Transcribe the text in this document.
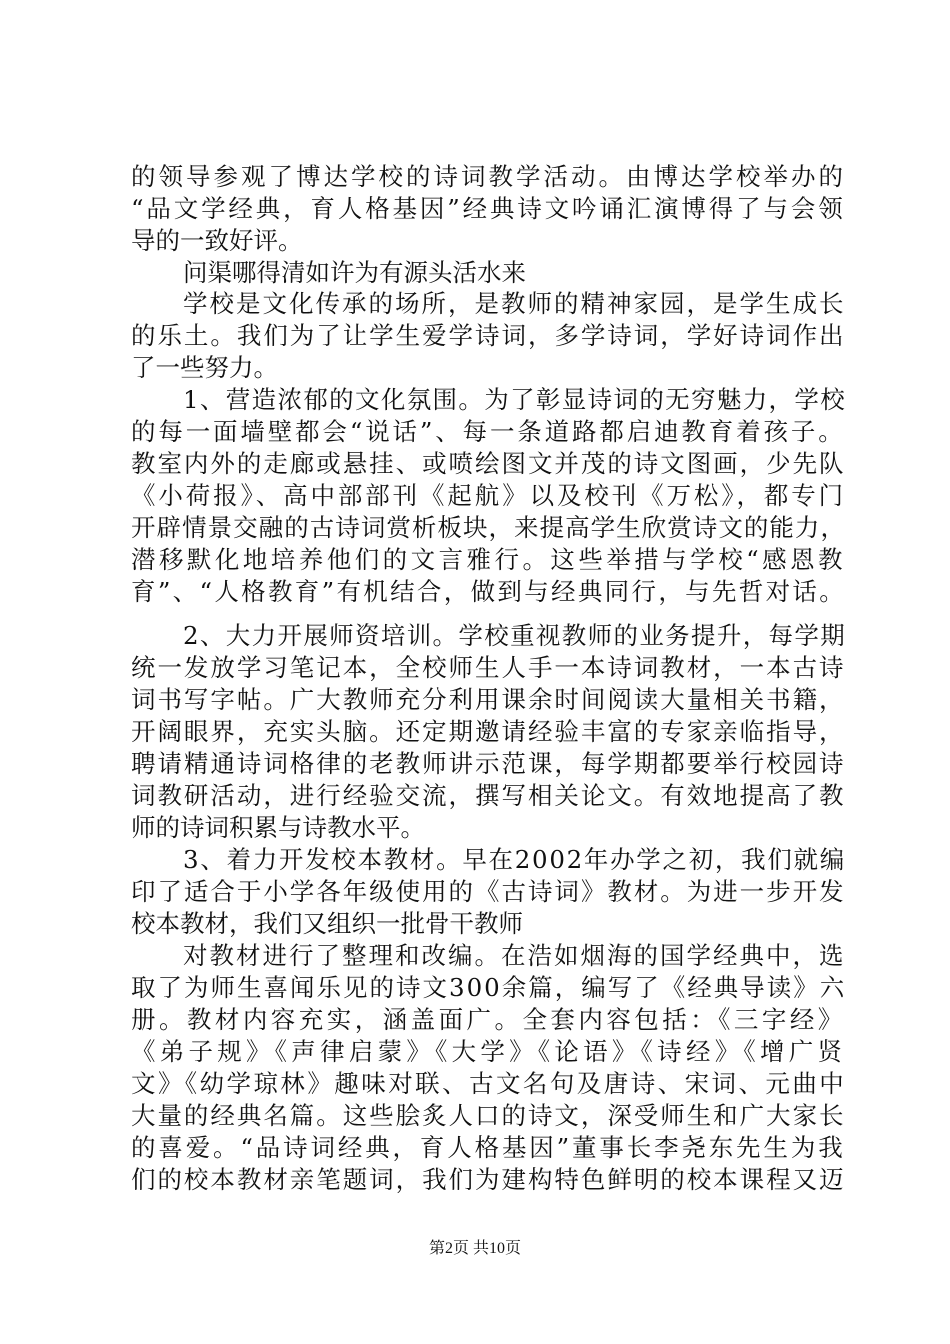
的领导参观了博达学校的诗词教学活动。由博达学校举办的
“品文学经典，育人格基因”经典诗文吟诵汇演博得了与会领
导的一致好评。
问渠哪得清如许为有源头活水来
学校是文化传承的场所，是教师的精神家园，是学生成长
的乐土。我们为了让学生爱学诗词，多学诗词，学好诗词作出
了一些努力。
1、营造浓郁的文化氛围。为了彰显诗词的无穷魅力，学校
的每一面墙壁都会“说话”、每一条道路都启迪教育着孩子。
教室内外的走廊或悬挂、或喷绘图文并茂的诗文图画，少先队
《小荷报》、高中部部刊《起航》以及校刊《万松》，都专门
开辟情景交融的古诗词赏析板块，来提高学生欣赏诗文的能力，
潜移默化地培养他们的文言雅行。这些举措与学校“感恩教
育”、“人格教育”有机结合，做到与经典同行，与先哲对话。
2、大力开展师资培训。学校重视教师的业务提升，每学期
统一发放学习笔记本，全校师生人手一本诗词教材，一本古诗
词书写字帖。广大教师充分利用课余时间阅读大量相关书籍，
开阔眼界，充实头脑。还定期邀请经验丰富的专家亲临指导，
聘请精通诗词格律的老教师讲示范课，每学期都要举行校园诗
词教研活动，进行经验交流，撰写相关论文。有效地提高了教
师的诗词积累与诗教水平。
3、着力开发校本教材。早在2002年办学之初，我们就编
印了适合于小学各年级使用的《古诗词》教材。为进一步开发
校本教材，我们又组织一批骨干教师
对教材进行了整理和改编。在浩如烟海的国学经典中，选
取了为师生喜闻乐见的诗文300余篇，编写了《经典导读》六
册。教材内容充实，涵盖面广。全套内容包括：《三字经》
《弟子规》《声律启蒙》《大学》《论语》《诗经》《增广贤
文》《幼学琼林》趣味对联、古文名句及唐诗、宋词、元曲中
大量的经典名篇。这些脍炙人口的诗文，深受师生和广大家长
的喜爱。“品诗词经典，育人格基因”董事长李尧东先生为我
们的校本教材亲笔题词，我们为建构特色鲜明的校本课程又迈
第2页 共10页
